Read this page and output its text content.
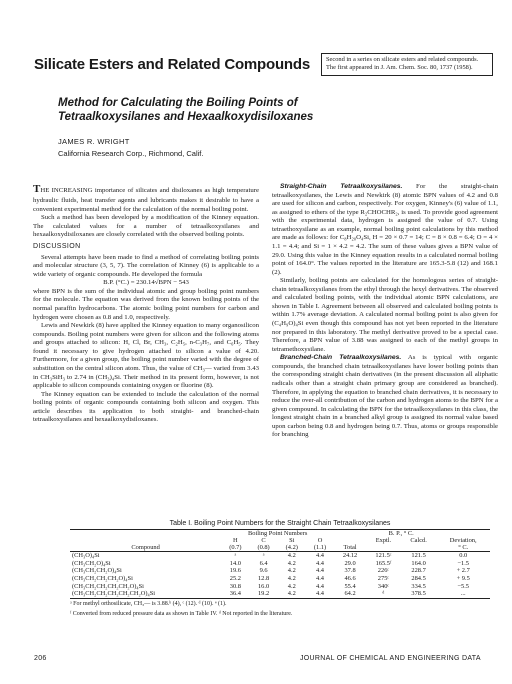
Silicate Esters and Related Compounds	Second in a series on silicate esters and related compounds. The first appeared in J. Am. Chem. Soc. 80, 1737 (1958).
Method for Calculating the Boiling Points of Tetraalkoxysilanes and Hexaalkoxydisiloxanes
JAMES R. WRIGHT
California Research Corp., Richmond, Calif.

THE INCREASING importance of silicates and disiloxanes as high temperature hydraulic fluids, heat transfer agents and lubricants makes it desirable to have a convenient experimental method for the calculation of the normal boiling point.

Such a method has been developed by a modification of the Kinney equation. The calculated values for a number of tetraalkoxysilanes and hexaalkoxydisiloxanes are closely correlated with the observed boiling points.

DISCUSSION

Several attempts have been made to find a method of correlating boiling points and molecular structure (3, 5, 7). The correlation of Kinney (6) is applicable to a wide variety of organic compounds. He developed the formula

B.P. (°C.) = 230.14√BPN − 543

where BPN is the sum of the individual atomic and group boiling point numbers for the molecule. The equation was derived from the known boiling points of the normal paraffin hydrocarbons. The atomic boiling point numbers for carbon and hydrogen were chosen as 0.8 and 1.0, respectively.

Lewis and Newkirk (8) have applied the Kinney equation to many organosilicon compounds. Boiling point numbers were given for silicon and the following atoms and groups attached to silicon: H, Cl, Br, CH₃, C₂H₅, n-C₃H₇, and C₆H₅. They found it necessary to give hydrogen attached to silicon a value of 4.20. Furthermore, for a given group, the boiling point number varied with the degree of substitution on the central silicon atom. Thus, the value of CH₃— varied from 3.43 in CH₃SiH₃ to 2.74 in (CH₃)₄Si. Their method in its present form, however, is not applicable to silicon compounds containing oxygen or fluorine (8).

The Kinney equation can be extended to include the calculation of the normal boiling points of organic compounds containing both silicon and oxygen. This article describes its application to both straight- and branched-chain tetraalkoxysilanes and hexaalkoxydisiloxanes.

Straight-Chain Tetraalkoxysilanes. For the straight-chain tetraalkoxysilanes, the Lewis and Newkirk (8) atomic BPN values of 4.2 and 0.8 are used for silicon and carbon, respectively. For oxygen, Kinney's (6) value of 1.1, as assigned to ethers of the type R₂CHOCHR₂, is used. To provide good agreement with the experimental data, hydrogen is assigned the value of 0.7. Using tetraethoxysilane as an example, normal boiling point calculations by this method are made as follows: for C₈H₂₀O₄Si, H = 20 × 0.7 = 14; C = 8 × 0.8 = 6.4; O = 4 × 1.1 = 4.4; and Si = 1 × 4.2 = 4.2. The sum of these values gives a BPN value of 29.0. Using this value in the Kinney equation results in a calculated normal boiling point of 164.0°. The values reported in the literature are 165.3-5.8 (12) and 168.1 (2).

Similarly, boiling points are calculated for the homologous series of straight-chain tetraalkoxysilanes from the ethyl through the hexyl derivatives. The observed and calculated boiling points, with the individual atomic BPN calculations, are shown in Table I. Agreement between all observed and calculated boiling points is within 1.7% average deviation. A calculated normal boiling point is also given for (C₄H₉O)₄Si even though this compound has not yet been reported in the literature nor prepared in this laboratory. The methyl derivative proved to be a special case. Therefore, a BPN value of 3.88 was assigned to each of the methyl groups in tetramethoxysilane.

Branched-Chain Tetraalkoxysilanes. As is typical with organic compounds, the branched chain tetraalkoxysilanes have lower boiling points than the corresponding straight chain derivatives (in the present discussion all aliphatic radicals other than a straight chain primary group are considered as branched). Therefore, in applying the equation to branched chain derivatives, it is necessary to reduce the over-all contribution of the carbon and hydrogen atoms to the BPN for a given compound. In calculating the BPN for the tetraalkoxysilanes in this class, the longest straight chain in a branched alkyl group is assigned its normal value based upon carbon being 0.8 and hydrogen being 0.7. Thus, atoms or groups responsible for branching

Table I. Boiling Point Numbers for the Straight Chain Tetraalkoxysilanes
	Boiling Point Numbers					B. P., ° C.		
	H	C	Si	O		Exptl.	Calcd.	Deviation,
Compound	(0.7)	(0.8)	(4.2)	(1.1)	Total			° C.
(CH₃O)₄Si	ᵃ	ᵃ	4.2	4.4	24.12	121.5ᶜ	121.5	0.0
(CH₃CH₂O)₄Si	14.0	6.4	4.2	4.4	29.0	165.5ᶠ	164.0	−1.5
(CH₃CH₂CH₂O)₄Si	19.6	9.6	4.2	4.4	37.8	226ᶜ	228.7	+ 2.7
(CH₃CH₂CH₂CH₂O)₄Si	25.2	12.8	4.2	4.4	46.6	275ᶜ	284.5	+ 9.5
(CH₃CH₂CH₂CH₂CH₂O)₄Si	30.8	16.0	4.2	4.4	55.4	340ᶜ	334.5	−5.5
(CH₃CH₂CH₂CH₂CH₂CH₂O)₄Si	36.4	19.2	4.2	4.4	64.2	ᵈ	378.5	...
ᵃ For methyl orthosilicate, CH₃— is 3.88.ᵇ (4), ᶜ (12). ᵈ (10). ᵉ (1).
ᶠ Converted from reduced pressure data as shown in Table IV. ᵈ Not reported in the literature.
206	JOURNAL OF CHEMICAL AND ENGINEERING DATA
